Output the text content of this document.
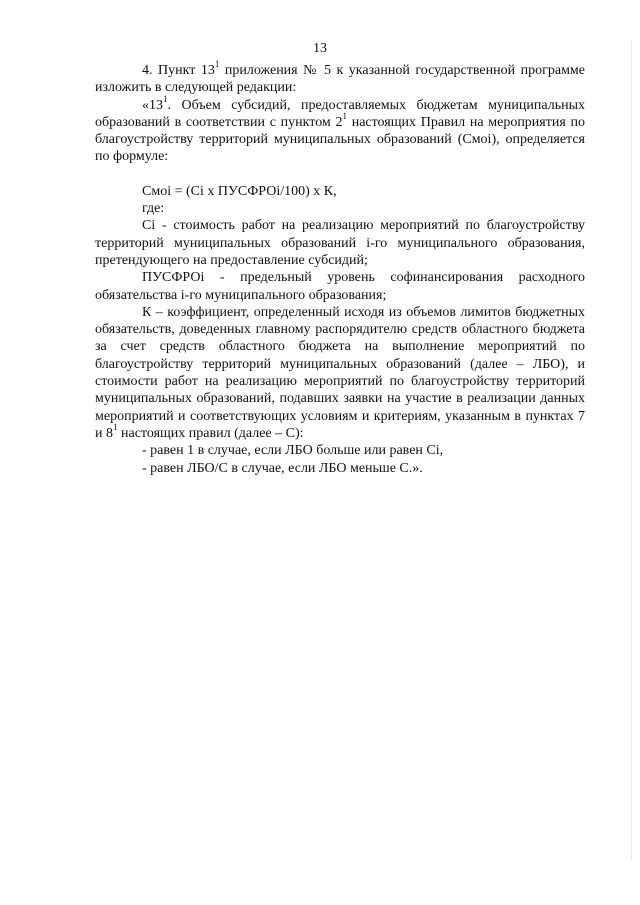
13

4. Пункт $13^1$ приложения № 5 к указанной государственной программе изложить в следующей редакции:

«$13^1$. Объем субсидий, предоставляемых бюджетам муниципальных образований в соответствии с пунктом $2^1$ настоящих Правил на мероприятия по благоустройству территорий муниципальных образований (Смоi), определяется по формуле:

Смоi = (Ci х ПУСФРОi/100) х К,

где:

Ci - стоимость работ на реализацию мероприятий по благоустройству территорий муниципальных образований i-го муниципального образования, претендующего на предоставление субсидий;

ПУСФРОi - предельный уровень софинансирования расходного обязательства i-го муниципального образования;

К – коэффициент, определенный исходя из объемов лимитов бюджетных обязательств, доведенных главному распорядителю средств областного бюджета за счет средств областного бюджета на выполнение мероприятий по благоустройству территорий муниципальных образований (далее – ЛБО), и стоимости работ на реализацию мероприятий по благоустройству территорий муниципальных образований, подавших заявки на участие в реализации данных мероприятий и соответствующих условиям и критериям, указанным в пунктах 7 и $8^1$ настоящих правил (далее – С):

- равен 1 в случае, если ЛБО больше или равен Ci,

- равен ЛБО/С в случае, если ЛБО меньше С.».
